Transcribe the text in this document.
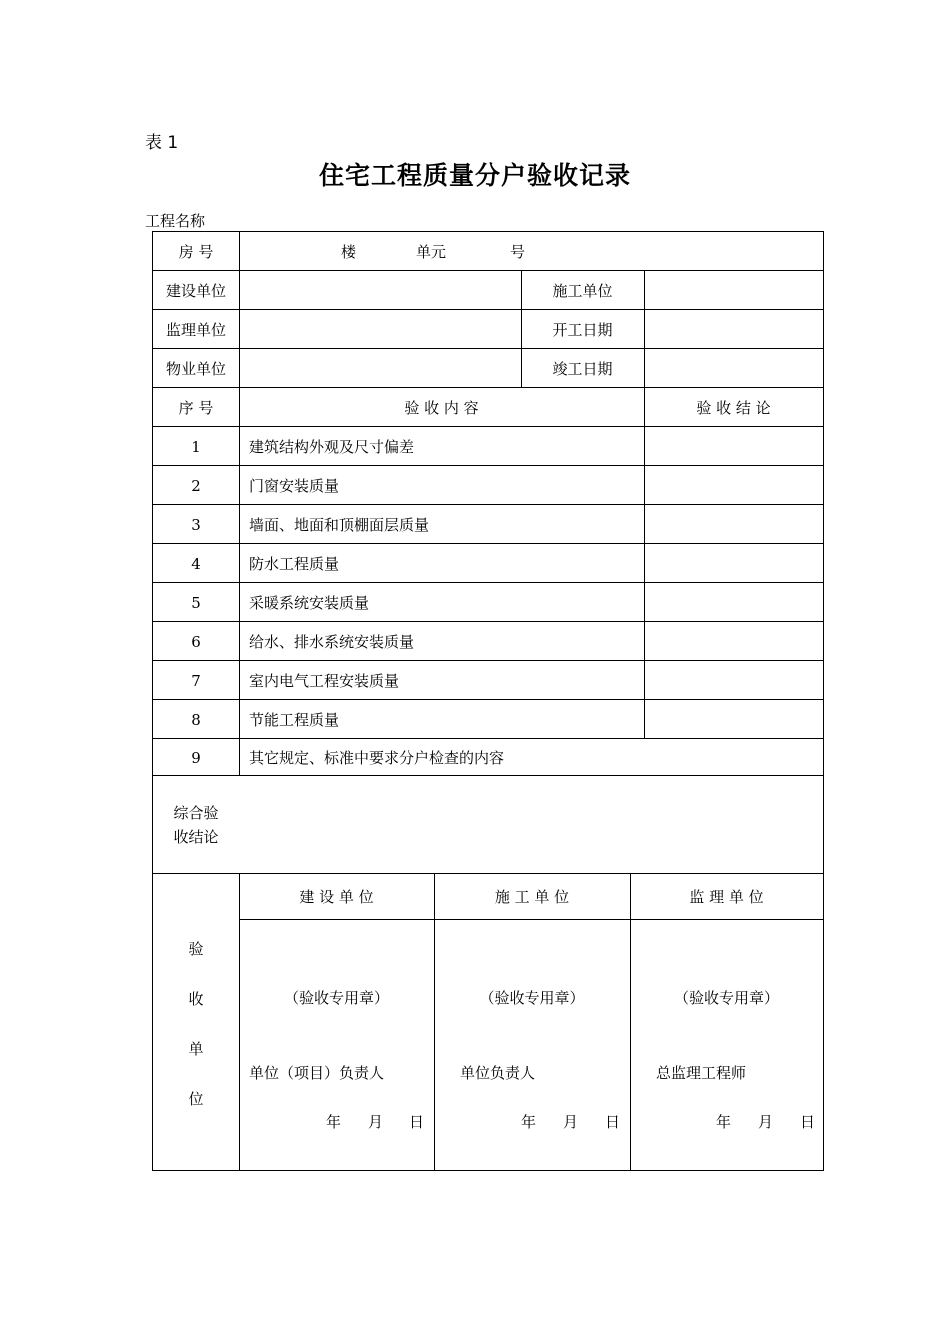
表 1
住宅工程质量分户验收记录
工程名称
房 号	楼	单元	号
建设单位	施工单位
监理单位	开工日期
物业单位	竣工日期
序 号	验 收 内 容	验 收 结 论
1	建筑结构外观及尺寸偏差
2	门窗安装质量
3	墙面、地面和顶棚面层质量
4	防水工程质量
5	采暖系统安装质量
6	给水、排水系统安装质量
7	室内电气工程安装质量
8	节能工程质量
9	其它规定、标准中要求分户检查的内容
综合验
收结论
验
收
单
位
建 设 单 位	施 工 单 位	监 理 单 位
（验收专用章）	（验收专用章）	（验收专用章）
单位（项目）负责人	单位负责人	总监理工程师
年 月 日	年 月 日	年 月 日
